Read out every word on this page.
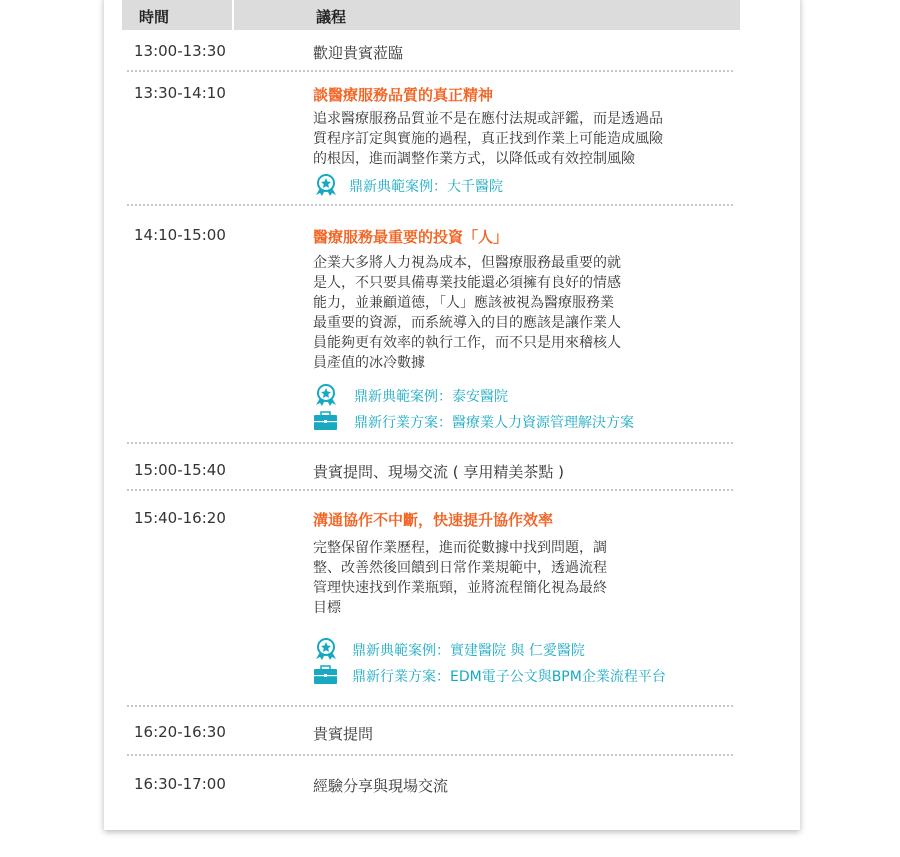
時間	議程
13:00-13:30	歡迎貴賓蒞臨
13:30-14:10	談醫療服務品質的真正精神
追求醫療服務品質並不是在應付法規或評鑑，而是透過品
質程序訂定與實施的過程，真正找到作業上可能造成風險
的根因，進而調整作業方式，以降低或有效控制風險
鼎新典範案例：大千醫院
14:10-15:00	醫療服務最重要的投資「人」
企業大多將人力視為成本，但醫療服務最重要的就
是人，不只要具備專業技能還必須擁有良好的情感
能力，並兼顧道德，「人」應該被視為醫療服務業
最重要的資源，而系統導入的目的應該是讓作業人
員能夠更有效率的執行工作，而不只是用來稽核人
員產值的冰冷數據
鼎新典範案例：泰安醫院
鼎新行業方案：醫療業人力資源管理解決方案
15:00-15:40	貴賓提問、現場交流 ( 享用精美茶點 )
15:40-16:20	溝通協作不中斷，快速提升協作效率
完整保留作業歷程，進而從數據中找到問題，調
整、改善然後回饋到日常作業規範中，透過流程
管理快速找到作業瓶頸，並將流程簡化視為最終
目標
鼎新典範案例：實建醫院 與 仁愛醫院
鼎新行業方案：EDM電子公文與BPM企業流程平台
16:20-16:30	貴賓提問
16:30-17:00	經驗分享與現場交流
